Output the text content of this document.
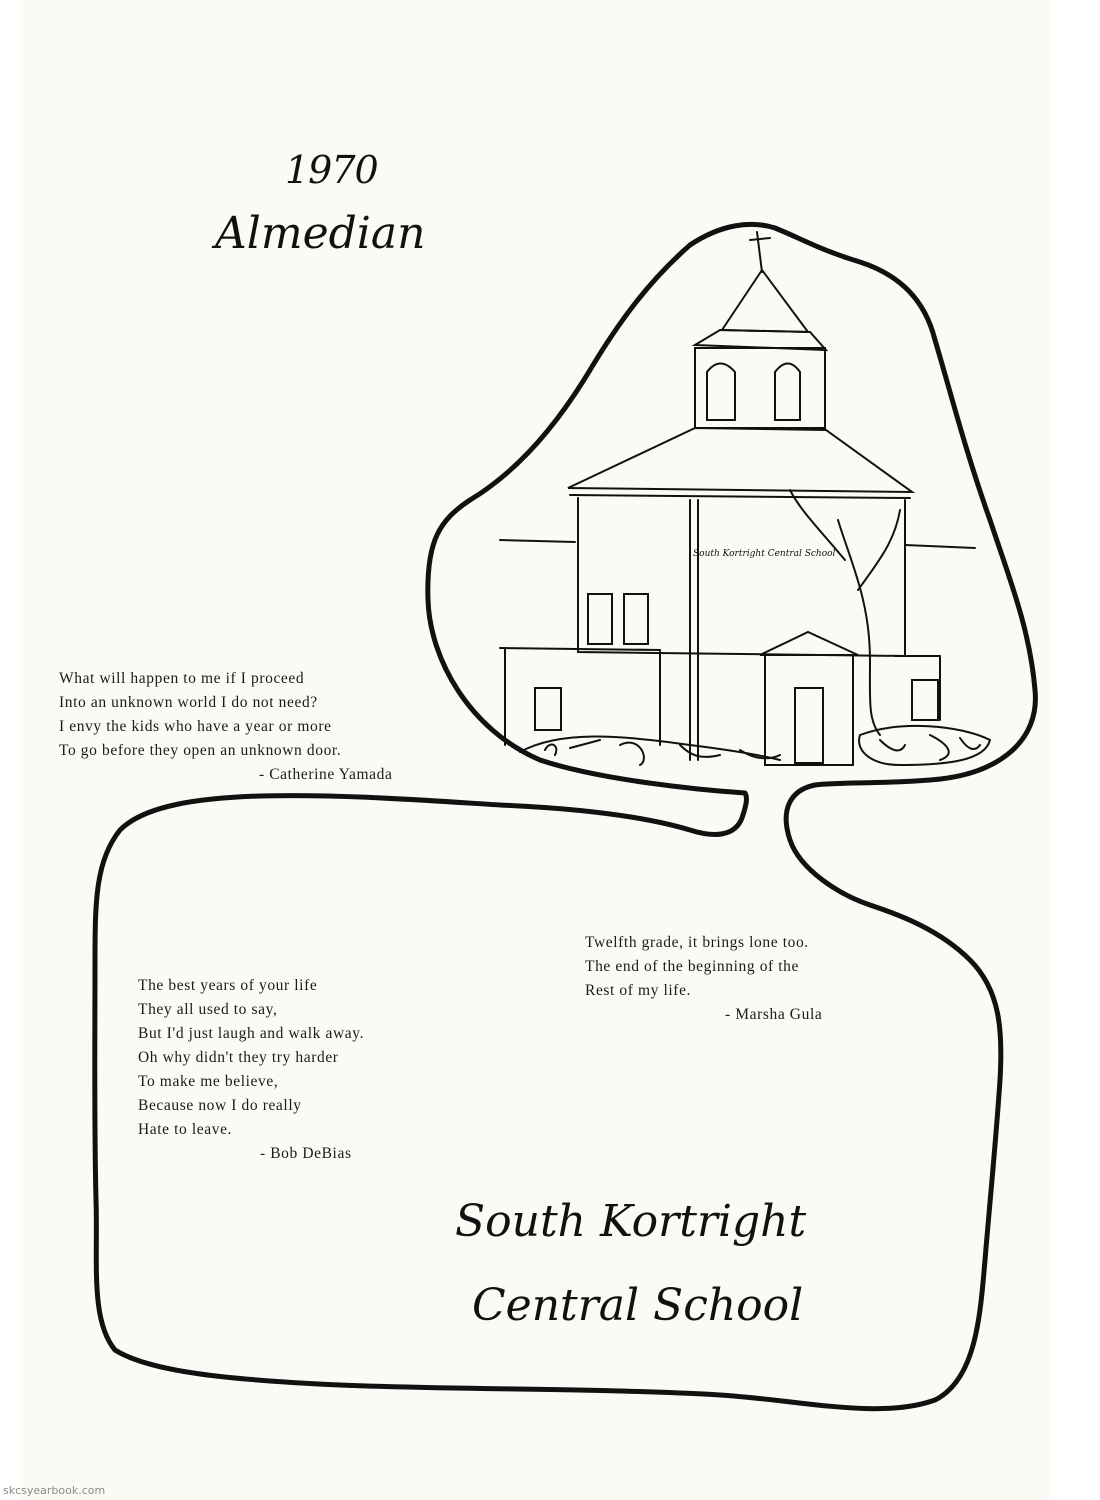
South Kortright Central School
1970
Almedian
What will happen to me if I proceed
Into an unknown world I do not need?
I envy the kids who have a year or more
To go before they open an unknown door.
- Catherine Yamada
Twelfth grade, it brings lone too.
The end of the beginning of the
Rest of my life.
- Marsha Gula
The best years of your life
They all used to say,
But I'd just laugh and walk away.
Oh why didn't they try harder
To make me believe,
Because now I do really
Hate to leave.
- Bob DeBias
South Kortright
Central School
skcsyearbook.com
